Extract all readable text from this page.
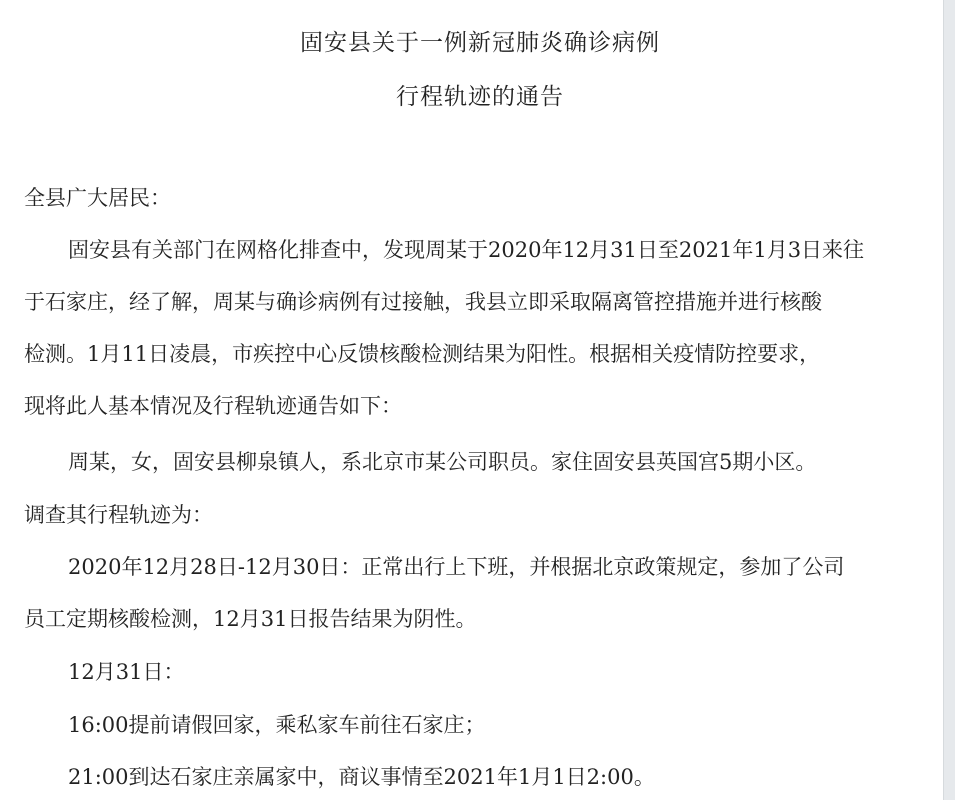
固安县关于一例新冠肺炎确诊病例
行程轨迹的通告
全县广大居民：
固安县有关部门在网格化排查中，发现周某于2020年12月31日至2021年1月3日来往
于石家庄，经了解，周某与确诊病例有过接触，我县立即采取隔离管控措施并进行核酸
检测。1月11日凌晨，市疾控中心反馈核酸检测结果为阳性。根据相关疫情防控要求，
现将此人基本情况及行程轨迹通告如下：
周某，女，固安县柳泉镇人，系北京市某公司职员。家住固安县英国宫5期小区。
调查其行程轨迹为：
2020年12月28日-12月30日：正常出行上下班，并根据北京政策规定，参加了公司
员工定期核酸检测，12月31日报告结果为阴性。
12月31日：
16:00提前请假回家，乘私家车前往石家庄；
21:00到达石家庄亲属家中，商议事情至2021年1月1日2:00。
